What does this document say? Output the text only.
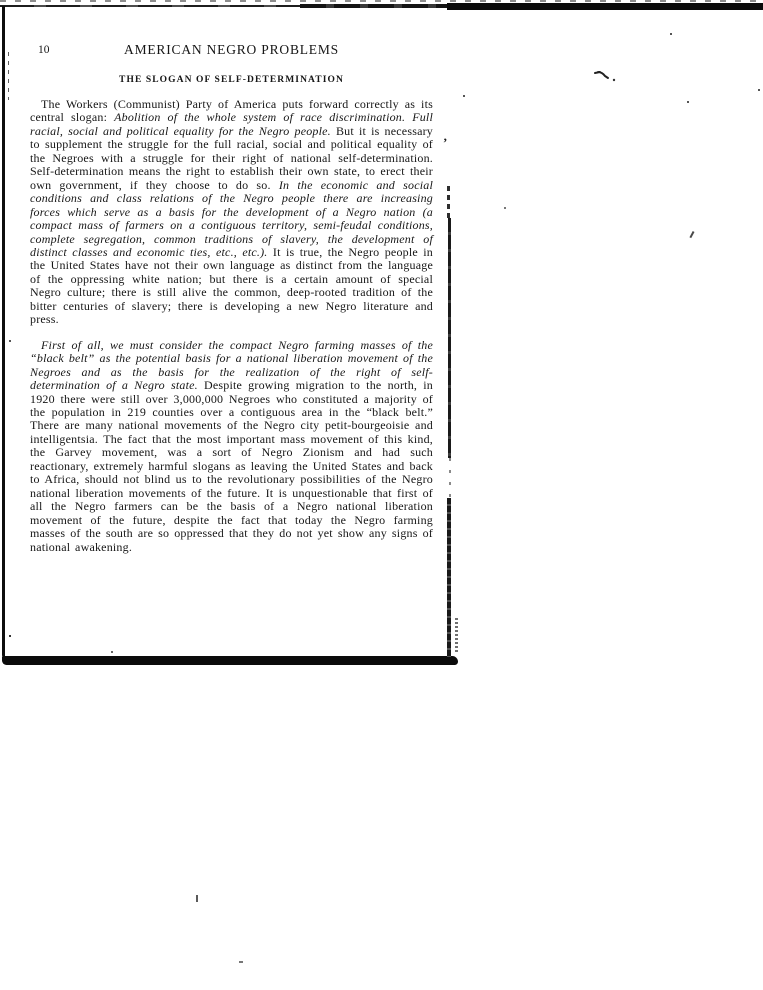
ʼ
10	AMERICAN NEGRO PROBLEMS
THE SLOGAN OF SELF-DETERMINATION

The Workers (Communist) Party of America puts forward correctly as its central slogan: Abolition of the whole system of race discrimination. Full racial, social and political equality for the Negro people. But it is necessary to supplement the struggle for the full racial, social and political equality of the Negroes with a struggle for their right of national self-determination. Self-determination means the right to establish their own state, to erect their own government, if they choose to do so. In the economic and social conditions and class relations of the Negro people there are increasing forces which serve as a basis for the development of a Negro nation (a compact mass of farmers on a contiguous territory, semi-feudal conditions, complete segregation, common traditions of slavery, the development of distinct classes and economic ties, etc., etc.). It is true, the Negro people in the United States have not their own language as distinct from the language of the oppressing white nation; but there is a certain amount of special Negro culture; there is still alive the common, deep-rooted tradition of the bitter centuries of slavery; there is developing a new Negro literature and press.

First of all, we must consider the compact Negro farming masses of the “black belt” as the potential basis for a national liberation movement of the Negroes and as the basis for the realization of the right of self-determination of a Negro state. Despite growing migration to the north, in 1920 there were still over 3,000,000 Negroes who constituted a majority of the population in 219 counties over a contiguous area in the “black belt.” There are many national movements of the Negro city petit-bourgeoisie and intelligentsia. The fact that the most important mass movement of this kind, the Garvey movement, was a sort of Negro Zionism and had such reactionary, extremely harmful slogans as leaving the United States and back to Africa, should not blind us to the revolutionary possibilities of the Negro national liberation movements of the future. It is unquestionable that first of all the Negro farmers can be the basis of a Negro national liberation movement of the future, despite the fact that today the Negro farming masses of the south are so oppressed that they do not yet show any signs of national awakening.
